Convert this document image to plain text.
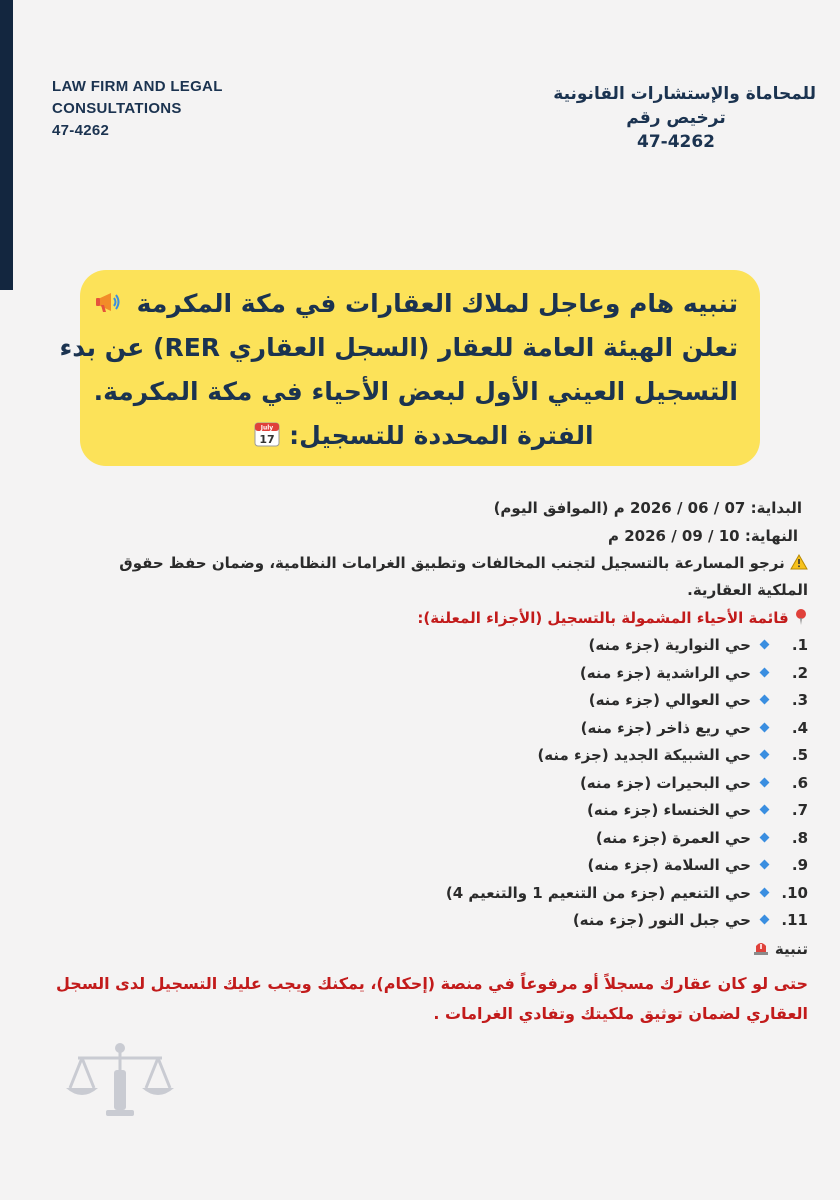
LAW FIRM AND LEGAL
CONSULTATIONS
47-4262
للمحاماة والإستشارات القانونية
ترخيص رقم
47-4262
تنبيه هام وعاجل لملاك العقارات في مكة المكرمة
تعلن الهيئة العامة للعقار (السجل العقاري RER) عن بدء
التسجيل العيني الأول لبعض الأحياء في مكة المكرمة.
الفترة المحددة للتسجيل:
July
17
البداية: 07 / 06 / 2026 م (الموافق اليوم)
النهاية: 10 / 09 / 2026 م
نرجو المسارعة بالتسجيل لتجنب المخالفات وتطبيق الغرامات النظامية، وضمان حفظ حقوق
الملكية العقارية.
قائمة الأحياء المشمولة بالتسجيل (الأجزاء المعلنة):
1.حي النوارية (جزء منه)
2.حي الراشدية (جزء منه)
3.حي العوالي (جزء منه)
4.حي ريع ذاخر (جزء منه)
5.حي الشبيكة الجديد (جزء منه)
6.حي البحيرات (جزء منه)
7.حي الخنساء (جزء منه)
8.حي العمرة (جزء منه)
9.حي السلامة (جزء منه)
10.حي التنعيم (جزء من التنعيم 1 والتنعيم 4)
11.حي جبل النور (جزء منه)
تنبية
حتى لو كان عقارك مسجلاً أو مرفوعاً في منصة (إحكام)، يمكنك ويجب عليك التسجيل لدى السجل
العقاري لضمان توثيق ملكيتك وتفادي الغرامات .
